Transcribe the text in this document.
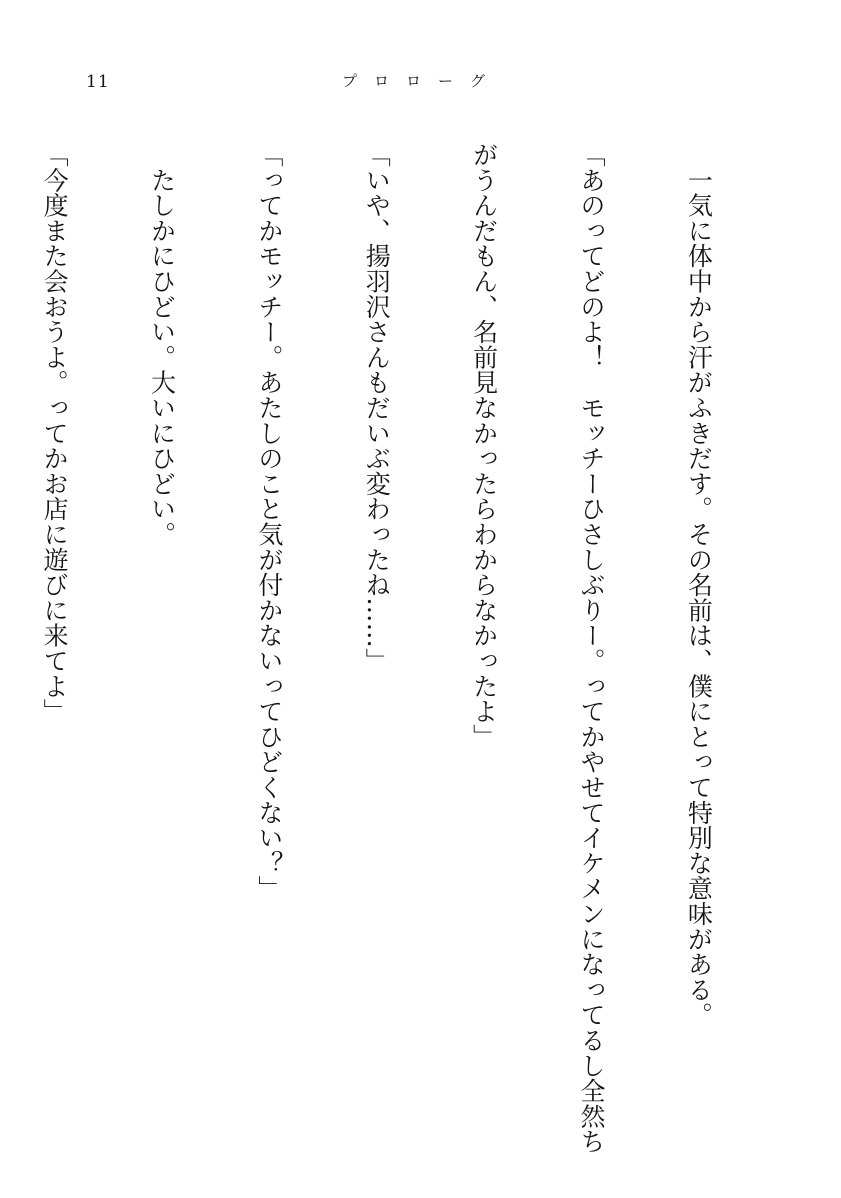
11	プロローグ

　一気に体中から汗がふきだす。その名前は、僕にとって特別な意味がある。

「あのってどのよ！　モッチーひさしぶりー。ってかやせてイケメンになってるし全然ち

がうんだもん、名前見なかったらわからなかったよ」

「いや、揚羽沢さんもだいぶ変わったね……」

「ってかモッチー。あたしのこと気が付かないってひどくない？」

　たしかにひどい。大いにひどい。

「今度また会おうよ。ってかお店に遊びに来てよ」
